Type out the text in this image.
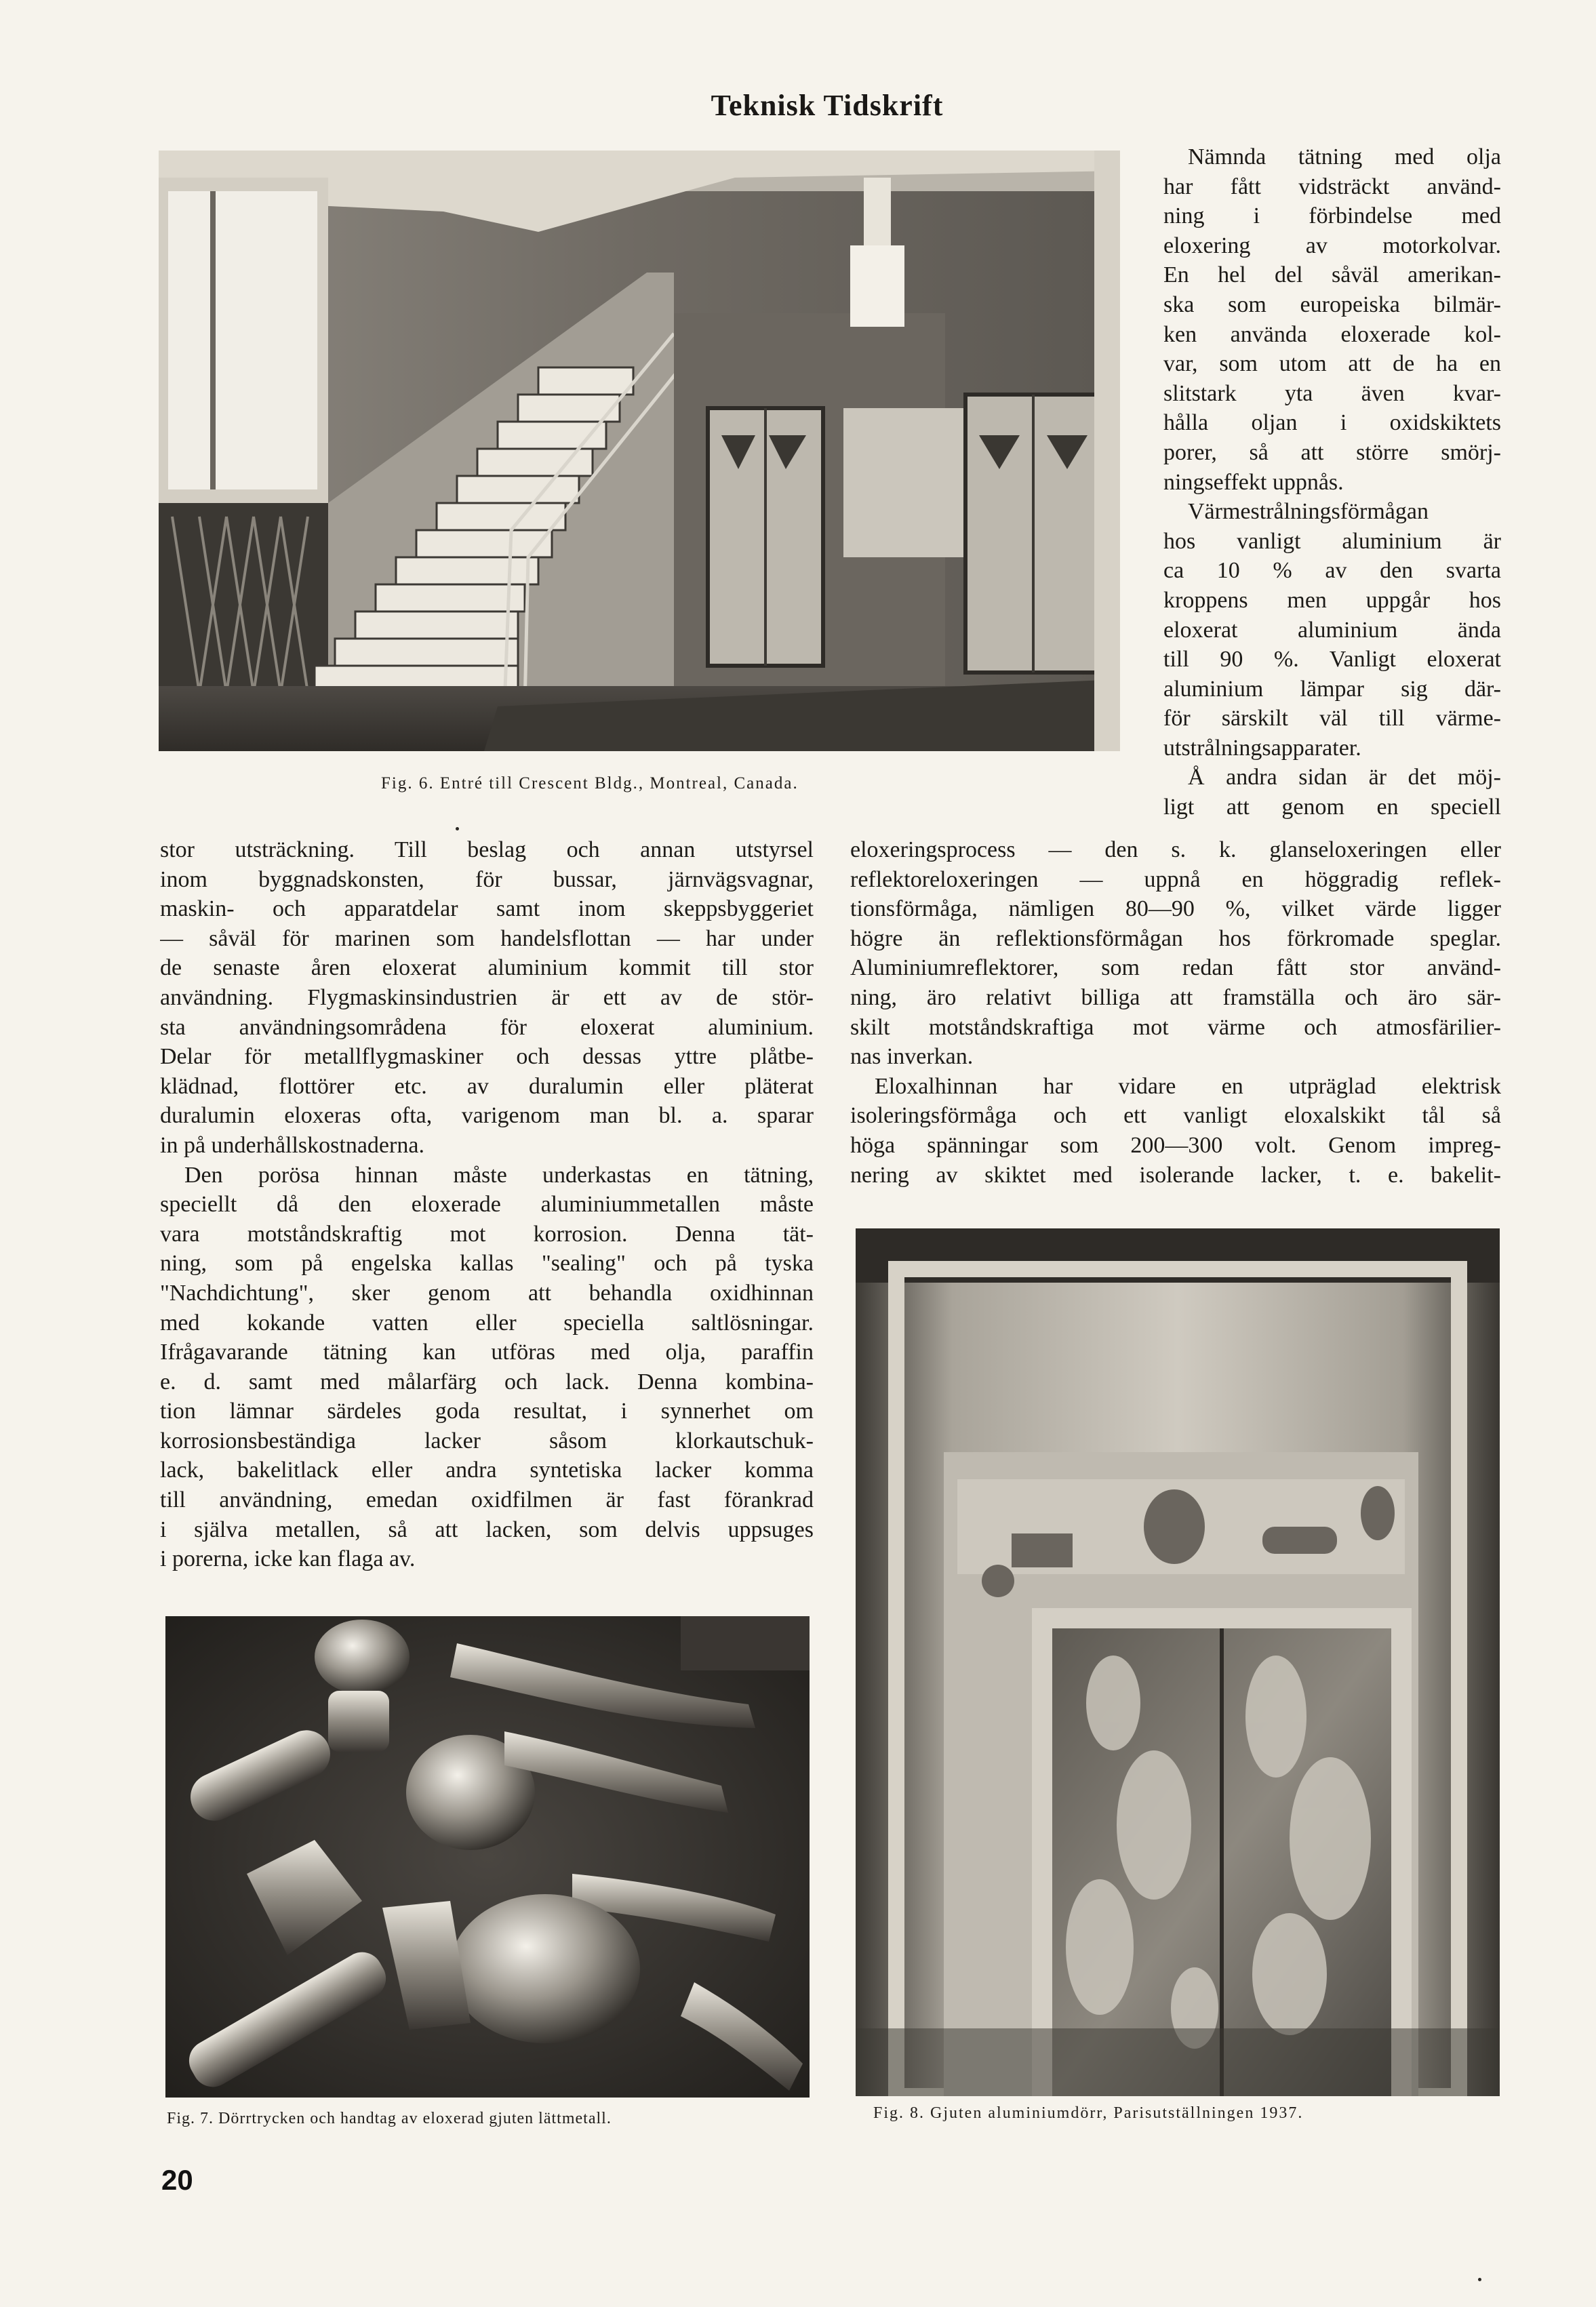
Teknisk Tidskrift
Fig. 6. Entré till Crescent Bldg., Montreal, Canada.
Nämnda tätning med olja
har fått vidsträckt använd-
ning i förbindelse med
eloxering av motorkolvar.
En hel del såväl amerikan-
ska som europeiska bilmär-
ken använda eloxerade kol-
var, som utom att de ha en
slitstark yta även kvar-
hålla oljan i oxidskiktets
porer, så att större smörj-
ningseffekt uppnås.
Värmestrålningsförmågan
hos vanligt aluminium är
ca 10 % av den svarta
kroppens men uppgår hos
eloxerat aluminium ända
till 90 %. Vanligt eloxerat
aluminium lämpar sig där-
för särskilt väl till värme-
utstrålningsapparater.
Å andra sidan är det möj-
ligt att genom en speciell
stor utsträckning. Till beslag och annan utstyrsel
inom byggnadskonsten, för bussar, järnvägsvagnar,
maskin- och apparatdelar samt inom skeppsbyggeriet
— såväl för marinen som handelsflottan — har under
de senaste åren eloxerat aluminium kommit till stor
användning. Flygmaskinsindustrien är ett av de stör-
sta användningsområdena för eloxerat aluminium.
Delar för metallflygmaskiner och dessas yttre plåtbe-
klädnad, flottörer etc. av duralumin eller pläterat
duralumin eloxeras ofta, varigenom man bl. a. sparar
in på underhållskostnaderna.
Den porösa hinnan måste underkastas en tätning,
speciellt då den eloxerade aluminiummetallen måste
vara motståndskraftig mot korrosion. Denna tät-
ning, som på engelska kallas "sealing" och på tyska
"Nachdichtung", sker genom att behandla oxidhinnan
med kokande vatten eller speciella saltlösningar.
Ifrågavarande tätning kan utföras med olja, paraffin
e. d. samt med målarfärg och lack. Denna kombina-
tion lämnar särdeles goda resultat, i synnerhet om
korrosionsbeständiga lacker såsom klorkautschuk-
lack, bakelitlack eller andra syntetiska lacker komma
till användning, emedan oxidfilmen är fast förankrad
i själva metallen, så att lacken, som delvis uppsuges
i porerna, icke kan flaga av.
eloxeringsprocess — den s. k. glanseloxeringen eller
reflektoreloxeringen — uppnå en höggradig reflek-
tionsförmåga, nämligen 80—90 %, vilket värde ligger
högre än reflektionsförmågan hos förkromade speglar.
Aluminiumreflektorer, som redan fått stor använd-
ning, äro relativt billiga att framställa och äro sär-
skilt motståndskraftiga mot värme och atmosfärilier-
nas inverkan.
Eloxalhinnan har vidare en utpräglad elektrisk
isoleringsförmåga och ett vanligt eloxalskikt tål så
höga spänningar som 200—300 volt. Genom impreg-
nering av skiktet med isolerande lacker, t. e. bakelit-
Fig. 7. Dörrtrycken och handtag av eloxerad gjuten lättmetall.	Fig. 8. Gjuten aluminiumdörr, Parisutställningen 1937.
20
